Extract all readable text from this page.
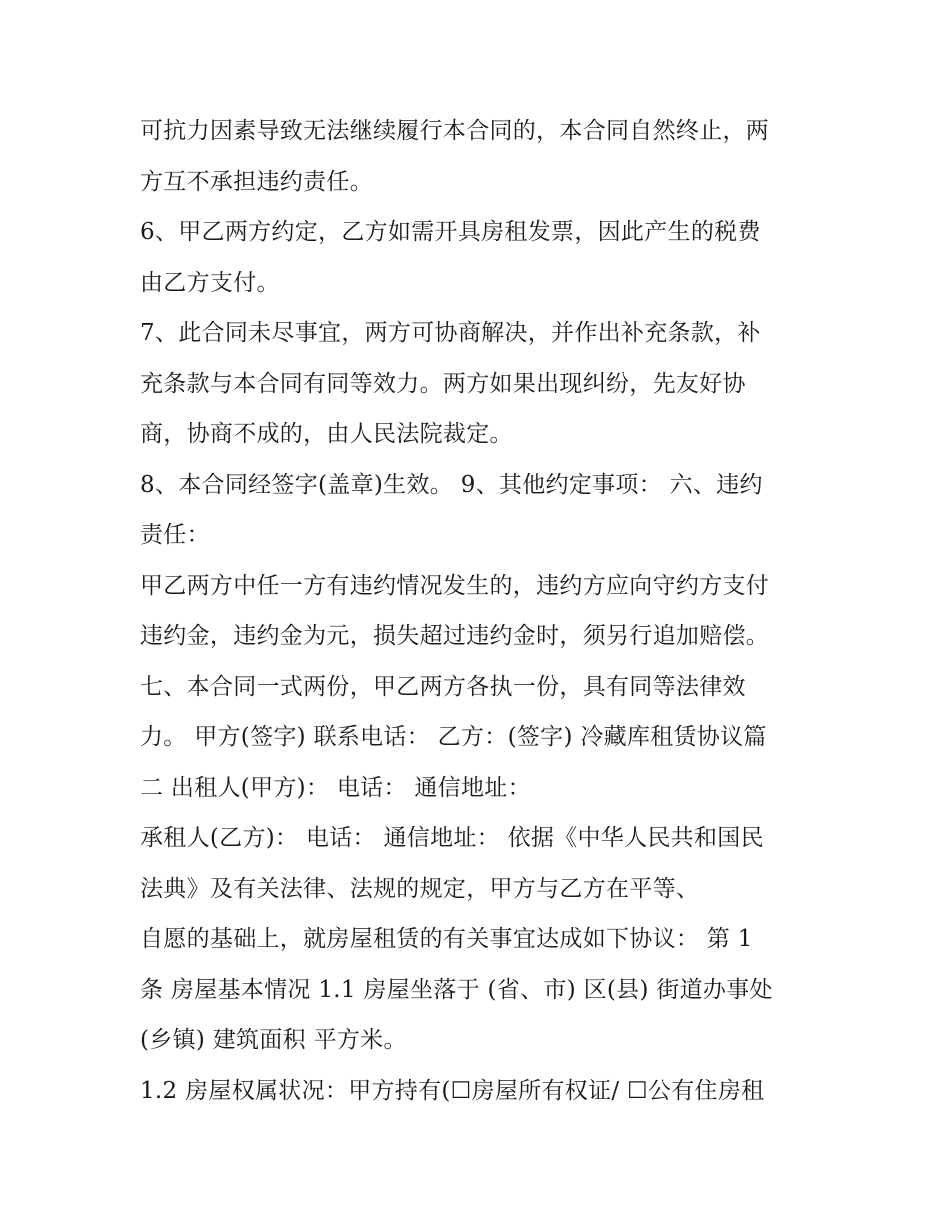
可抗力因素导致无法继续履行本合同的，本合同自然终止，两
方互不承担违约责任。
6、甲乙两方约定，乙方如需开具房租发票，因此产生的税费
由乙方支付。
7、此合同未尽事宜，两方可协商解决，并作出补充条款，补
充条款与本合同有同等效力。两方如果出现纠纷，先友好协
商，协商不成的，由人民法院裁定。
8、本合同经签字(盖章)生效。 9、其他约定事项： 六、违约
责任：
甲乙两方中任一方有违约情况发生的，违约方应向守约方支付
违约金，违约金为元，损失超过违约金时，须另行追加赔偿。
七、本合同一式两份，甲乙两方各执一份，具有同等法律效
力。 甲方(签字) 联系电话： 乙方：(签字) 冷藏库租赁协议篇
二 出租人(甲方)： 电话： 通信地址：
承租人(乙方)： 电话： 通信地址： 依据《中华人民共和国民
法典》及有关法律、法规的规定，甲方与乙方在平等、
自愿的基础上，就房屋租赁的有关事宜达成如下协议： 第 1
条 房屋基本情况 1.1 房屋坐落于 (省、市) 区(县) 街道办事处
(乡镇) 建筑面积 平方米。
1.2 房屋权属状况：甲方持有(☐房屋所有权证/ ☐公有住房租
